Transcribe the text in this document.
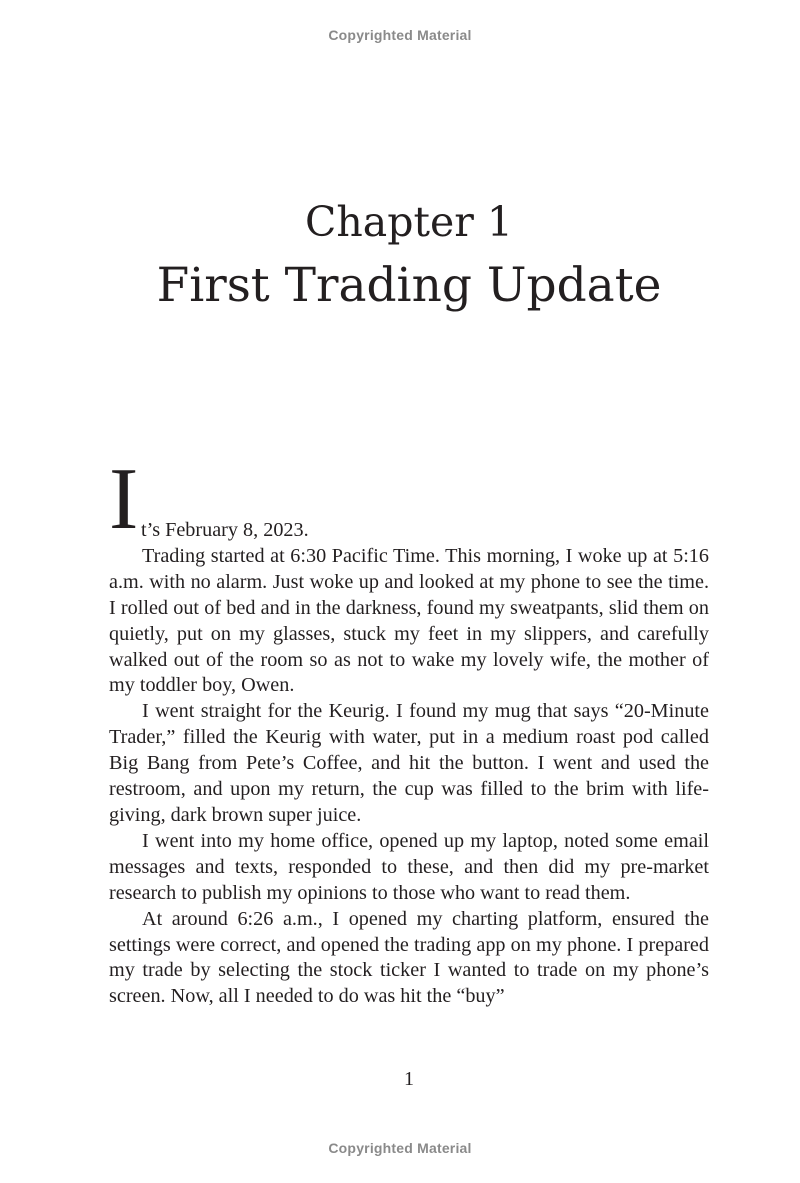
Copyrighted Material
Chapter 1
First Trading Update

I t’s February 8, 2023.

Trading started at 6:30 Pacific Time. This morning, I woke up at 5:16 a.m. with no alarm. Just woke up and looked at my phone to see the time. I rolled out of bed and in the darkness, found my sweatpants, slid them on quietly, put on my glasses, stuck my feet in my slippers, and carefully walked out of the room so as not to wake my lovely wife, the mother of my toddler boy, Owen.

I went straight for the Keurig. I found my mug that says “20-Minute Trader,” filled the Keurig with water, put in a medium roast pod called Big Bang from Pete’s Coffee, and hit the button. I went and used the restroom, and upon my return, the cup was filled to the brim with life-giving, dark brown super juice.

I went into my home office, opened up my laptop, noted some email messages and texts, responded to these, and then did my pre-market research to publish my opinions to those who want to read them.

At around 6:26 a.m., I opened my charting platform, ensured the settings were correct, and opened the trading app on my phone. I prepared my trade by selecting the stock ticker I wanted to trade on my phone’s screen. Now, all I needed to do was hit the “buy”

1
Copyrighted Material
